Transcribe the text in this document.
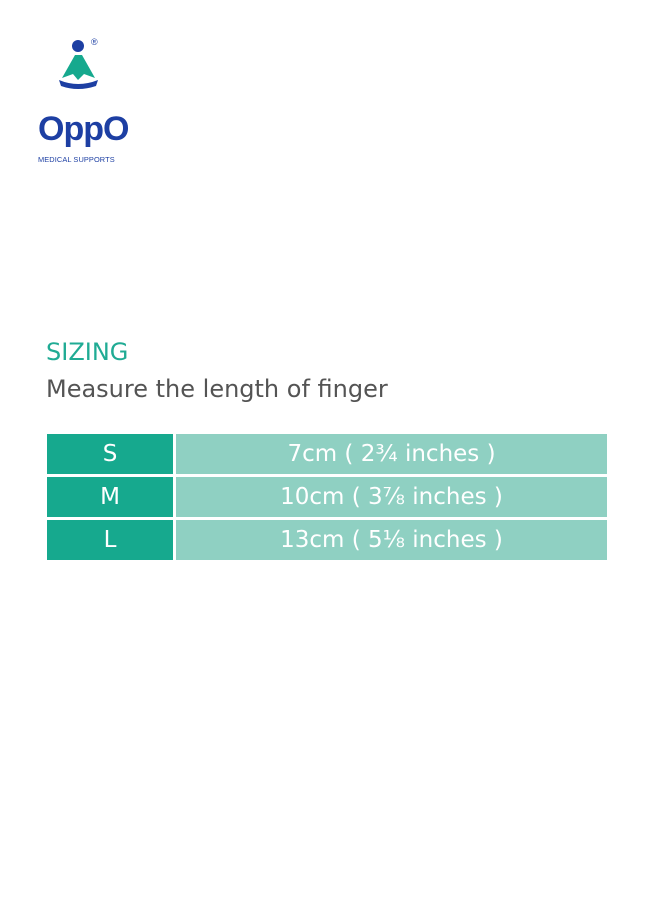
®

OppO

MEDICAL SUPPORTS

SIZING

Measure the length of finger

S	7cm ( 2¾ inches )
M	10cm ( 3⅞ inches )
L	13cm ( 5⅛ inches )
